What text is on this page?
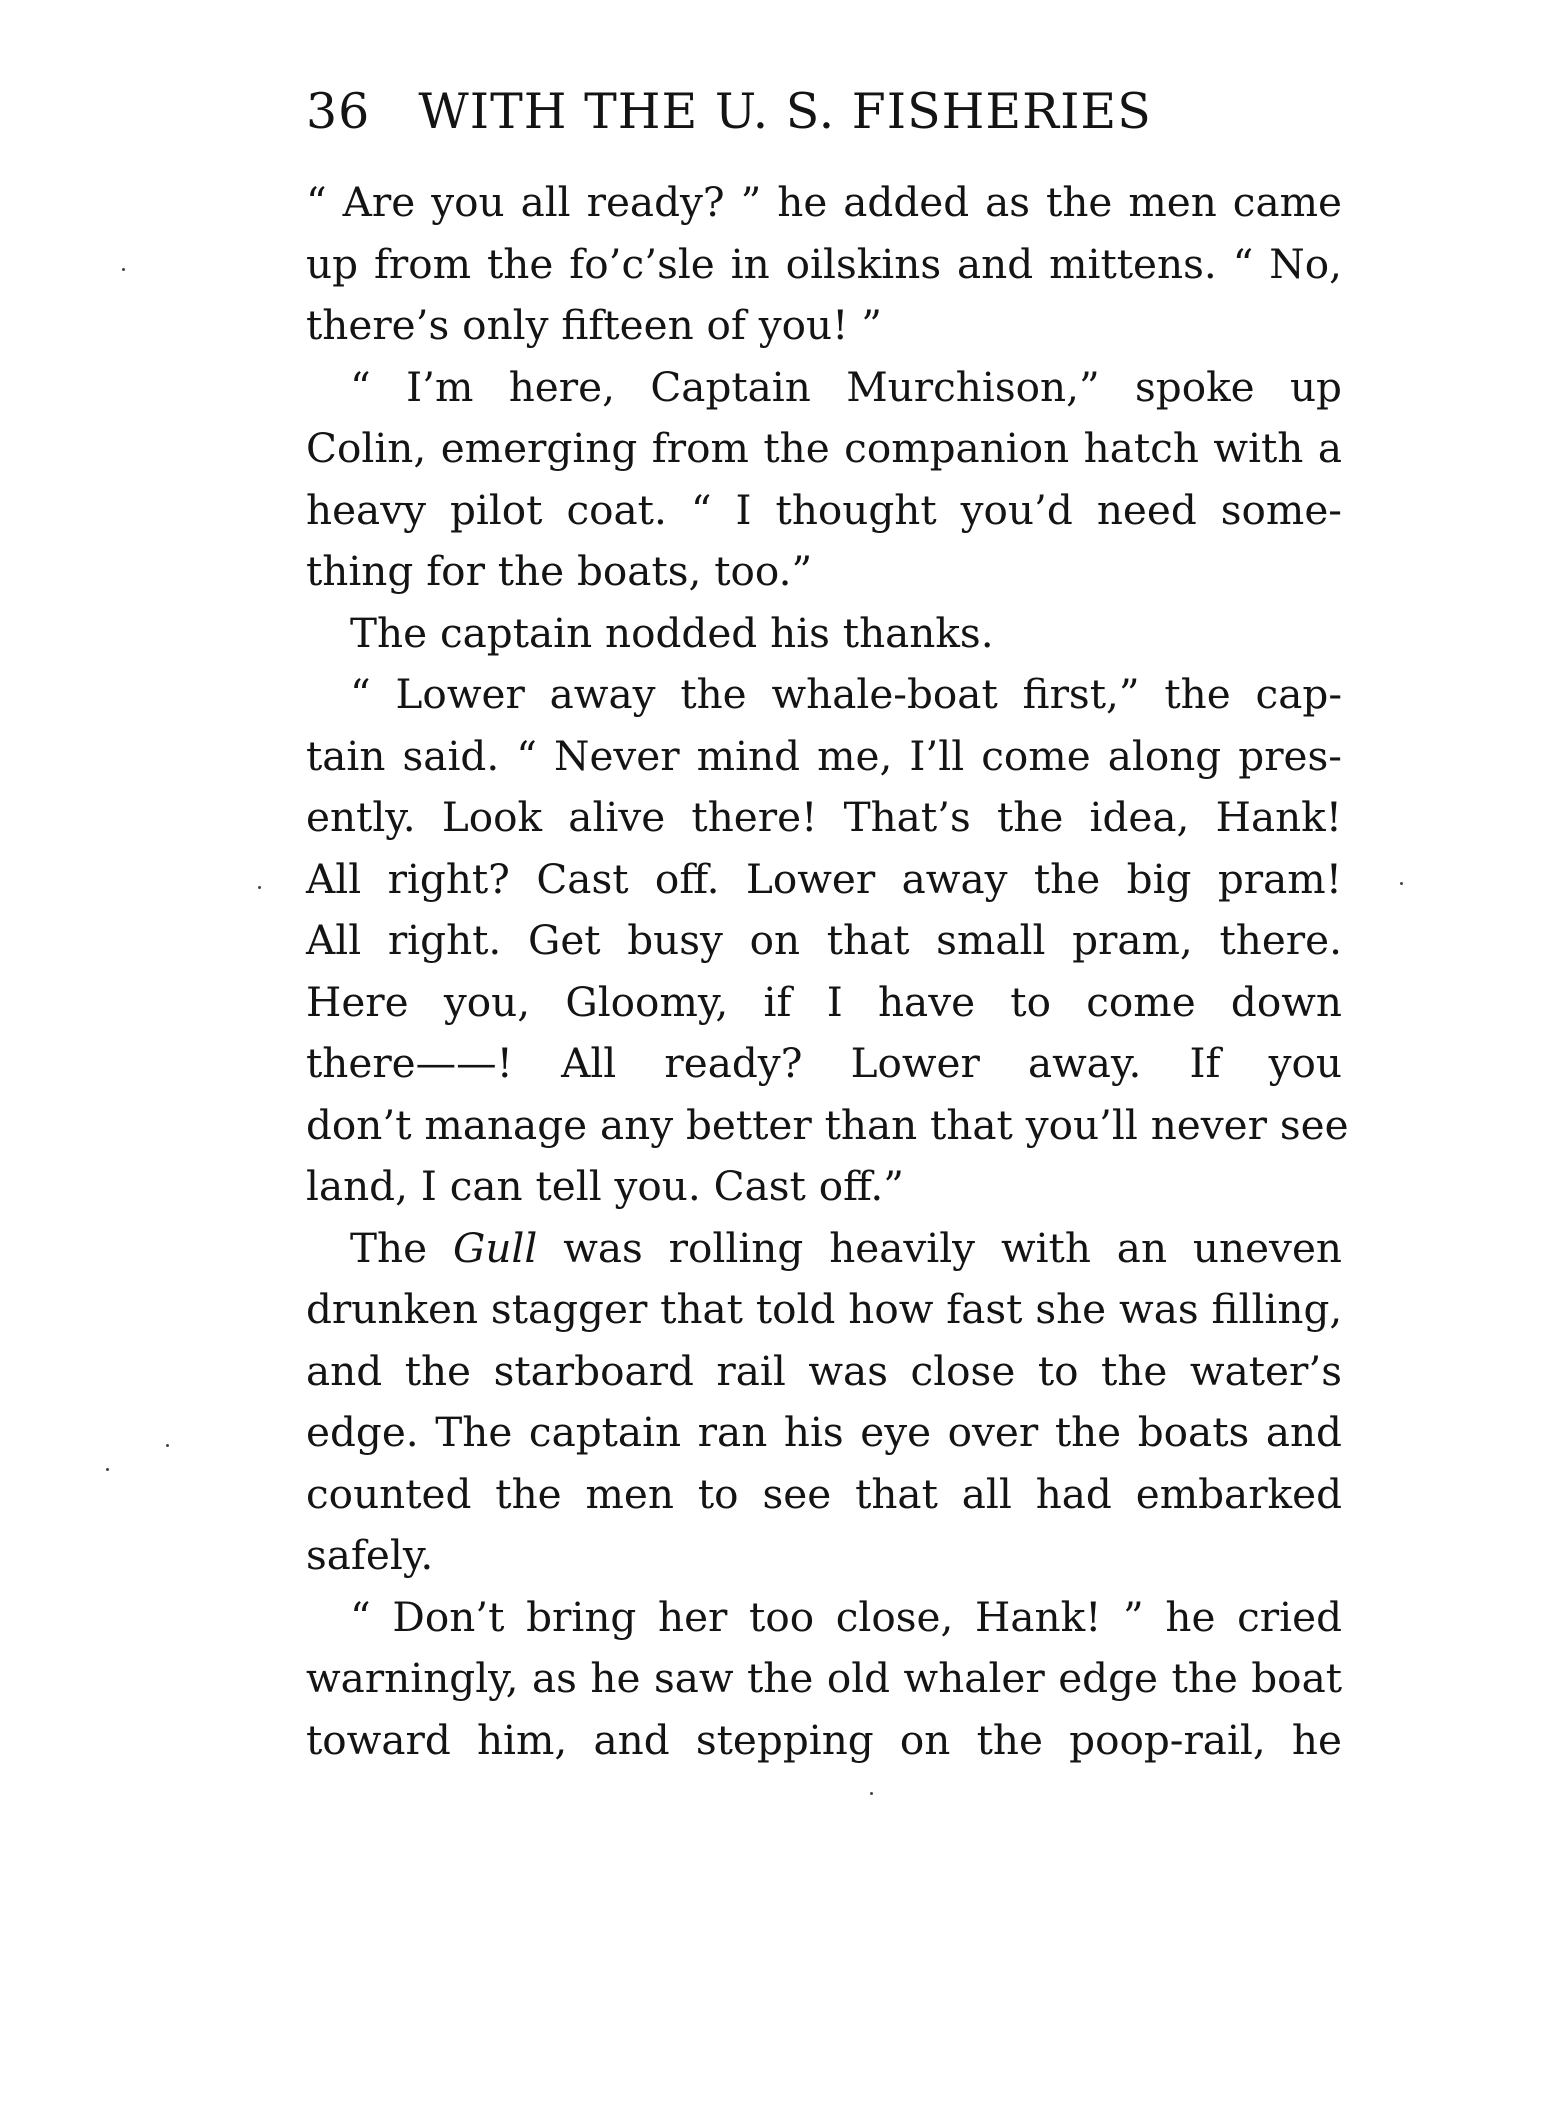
36 WITH THE U. S. FISHERIES
“ Are you all ready? ” he added as the men came
up from the fo’c’sle in oilskins and mittens. “ No,
there’s only fifteen of you! ”
“ I’m here, Captain Murchison,” spoke up
Colin, emerging from the companion hatch with a
heavy pilot coat. “ I thought you’d need some-
thing for the boats, too.”
The captain nodded his thanks.
“ Lower away the whale-boat first,” the cap-
tain said. “ Never mind me, I’ll come along pres-
ently. Look alive there! That’s the idea, Hank!
All right? Cast off. Lower away the big pram!
All right. Get busy on that small pram, there.
Here you, Gloomy, if I have to come down
there——! All ready? Lower away. If you
don’t manage any better than that you’ll never see
land, I can tell you. Cast off.”
The Gull was rolling heavily with an uneven
drunken stagger that told how fast she was filling,
and the starboard rail was close to the water’s
edge. The captain ran his eye over the boats and
counted the men to see that all had embarked
safely.
“ Don’t bring her too close, Hank! ” he cried
warningly, as he saw the old whaler edge the boat
toward him, and stepping on the poop-rail, he
